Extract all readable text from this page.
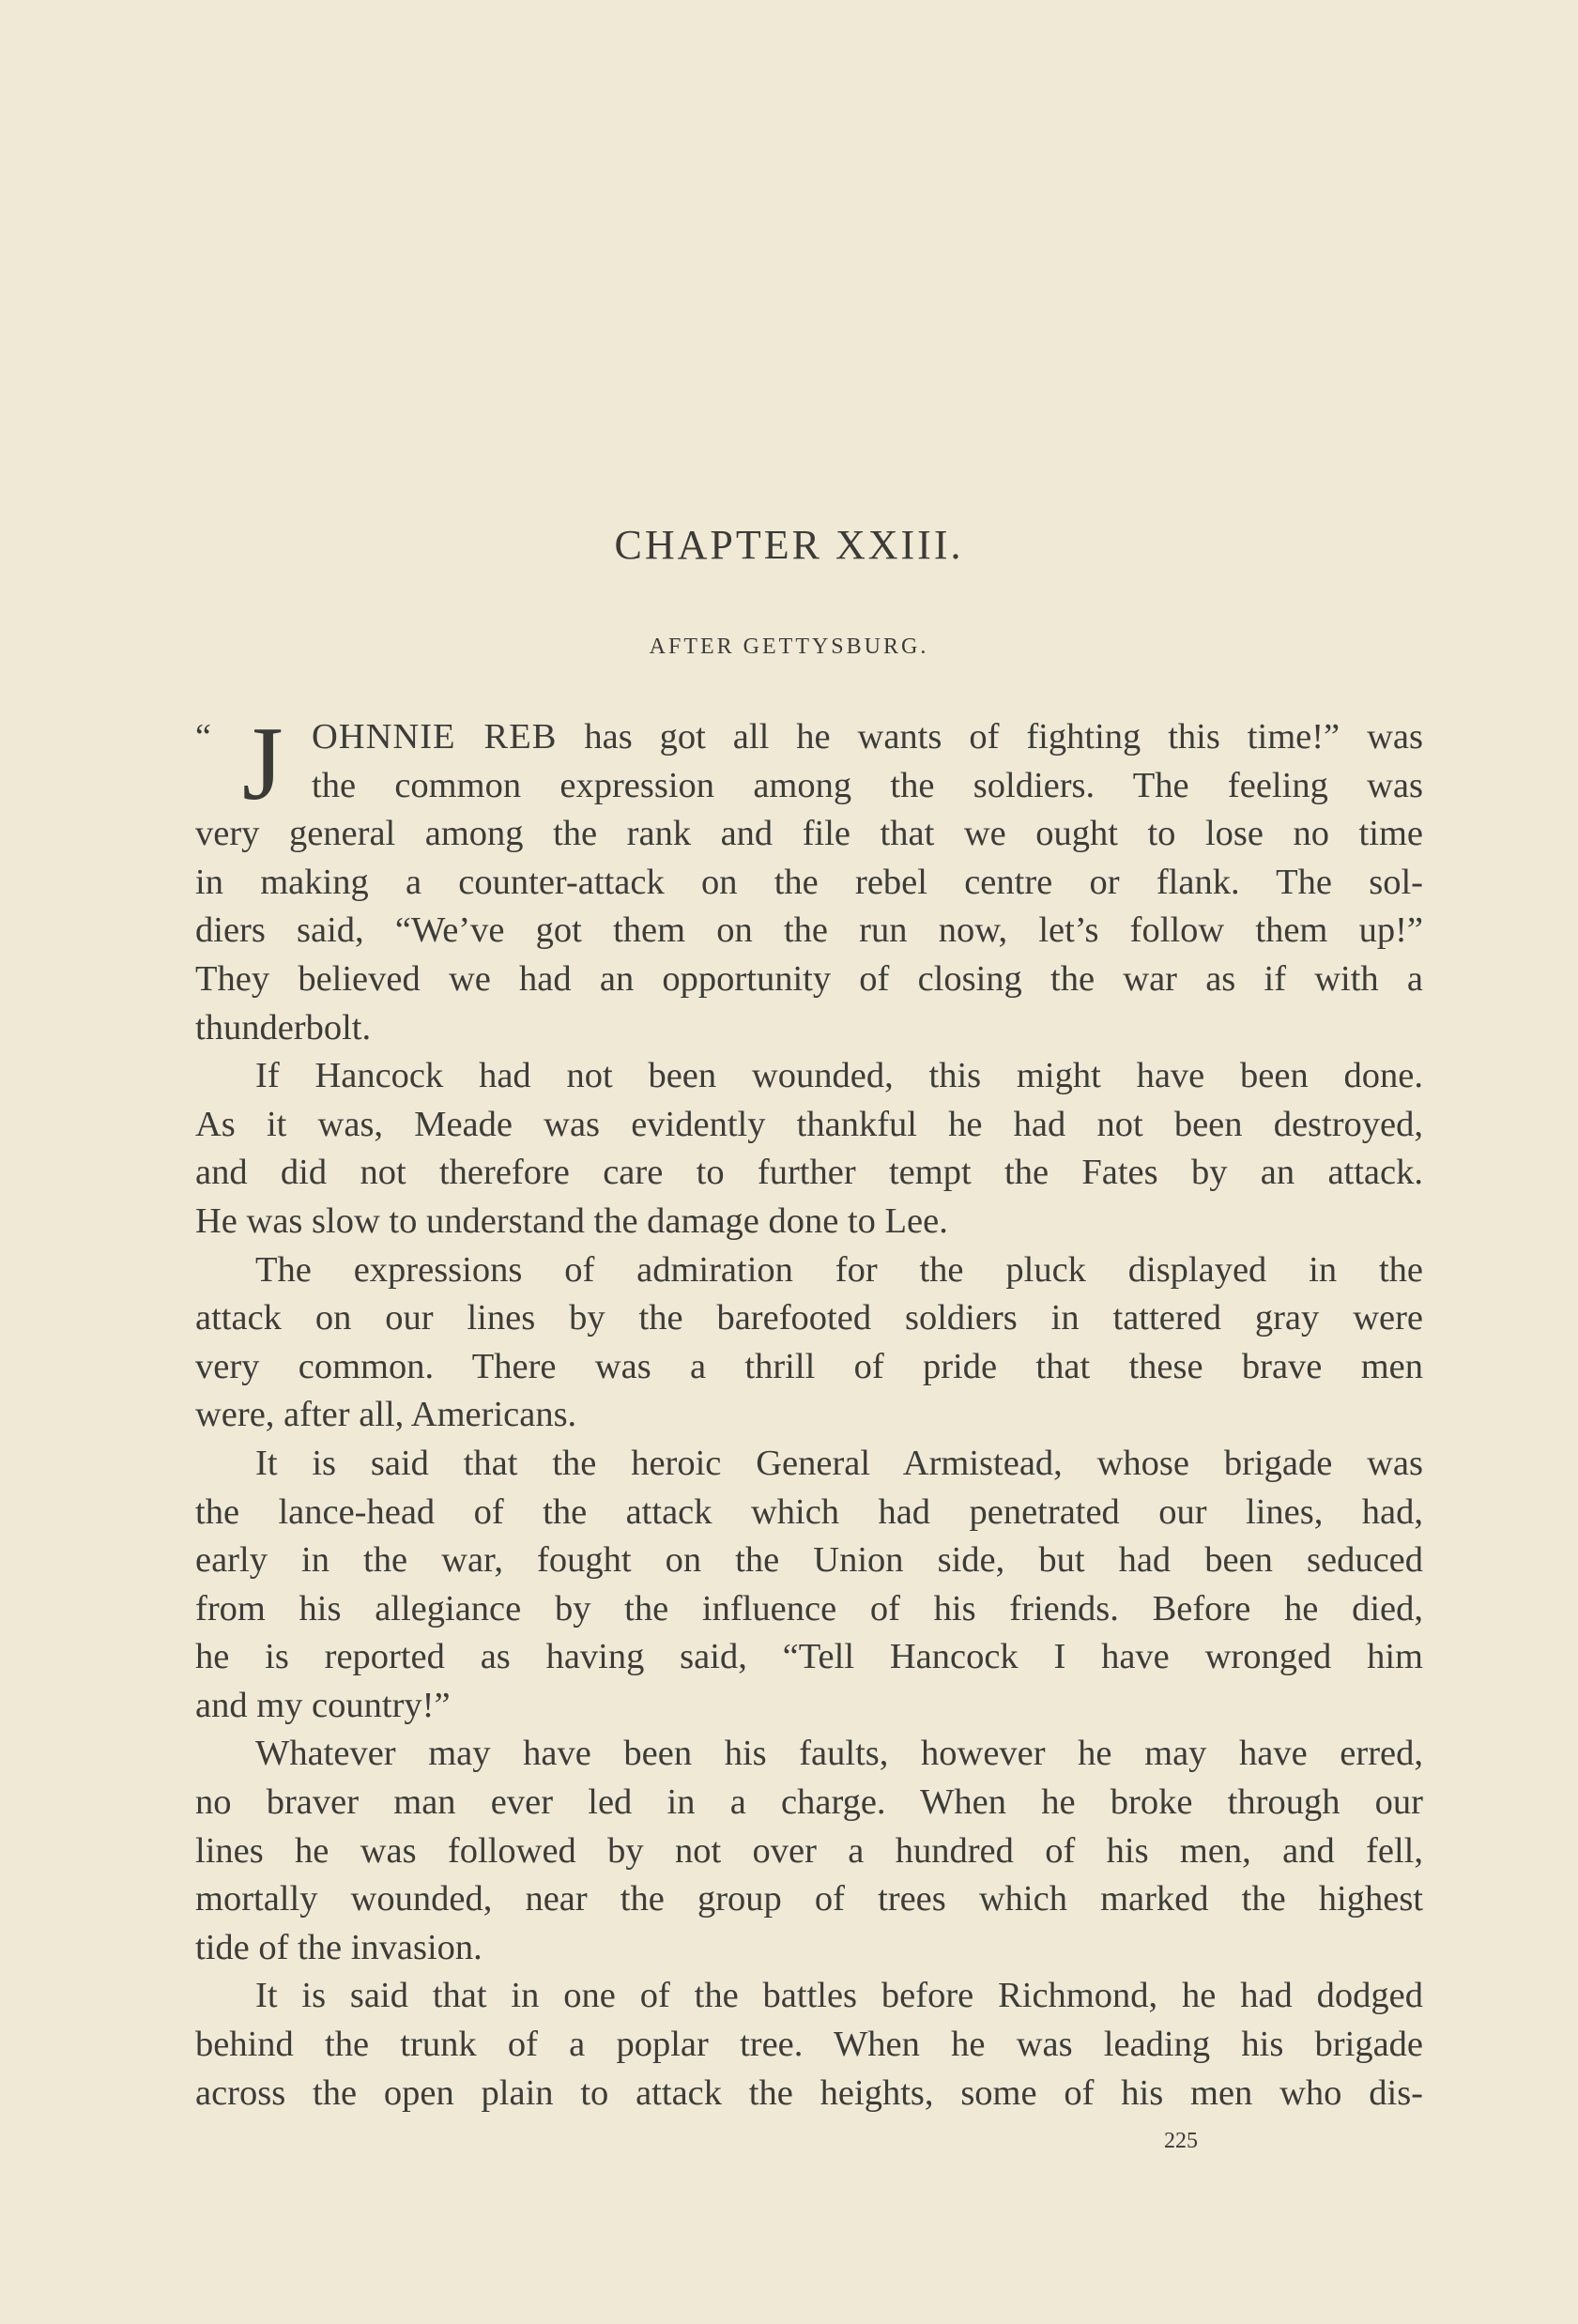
CHAPTER XXIII.
AFTER GETTYSBURG.
“ J OHNNIE REB has got all he wants of fighting this time!” was
the common expression among the soldiers. The feeling was
very general among the rank and file that we ought to lose no time
in making a counter-attack on the rebel centre or flank. The sol-
diers said, “We’ve got them on the run now, let’s follow them up!”
They believed we had an opportunity of closing the war as if with a
thunderbolt.
If Hancock had not been wounded, this might have been done.
As it was, Meade was evidently thankful he had not been destroyed,
and did not therefore care to further tempt the Fates by an attack.
He was slow to understand the damage done to Lee.
The expressions of admiration for the pluck displayed in the
attack on our lines by the barefooted soldiers in tattered gray were
very common. There was a thrill of pride that these brave men
were, after all, Americans.
It is said that the heroic General Armistead, whose brigade was
the lance-head of the attack which had penetrated our lines, had,
early in the war, fought on the Union side, but had been seduced
from his allegiance by the influence of his friends. Before he died,
he is reported as having said, “Tell Hancock I have wronged him
and my country!”
Whatever may have been his faults, however he may have erred,
no braver man ever led in a charge. When he broke through our
lines he was followed by not over a hundred of his men, and fell,
mortally wounded, near the group of trees which marked the highest
tide of the invasion.
It is said that in one of the battles before Richmond, he had dodged
behind the trunk of a poplar tree. When he was leading his brigade
across the open plain to attack the heights, some of his men who dis-
225
